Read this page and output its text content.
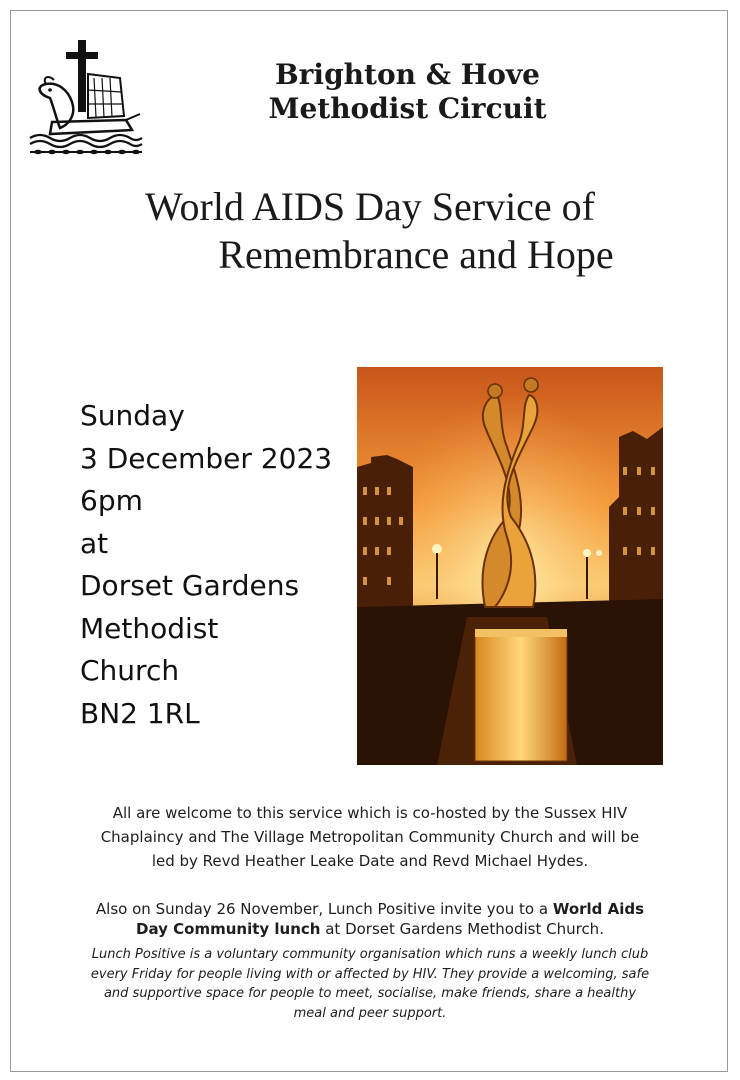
Brighton & Hove
Methodist Circuit
World AIDS Day Service of
Remembrance and Hope
Sunday
3 December 2023
6pm
at
Dorset Gardens
Methodist
Church
BN2 1RL
All are welcome to this service which is co-hosted by the Sussex HIV Chaplaincy and The Village Metropolitan Community Church and will be led by Revd Heather Leake Date and Revd Michael Hydes.
Also on Sunday 26 November, Lunch Positive invite you to a World Aids Day Community lunch at Dorset Gardens Methodist Church.
Lunch Positive is a voluntary community organisation which runs a weekly lunch club every Friday for people living with or affected by HIV. They provide a welcoming, safe and supportive space for people to meet, socialise, make friends, share a healthy meal and peer support.
